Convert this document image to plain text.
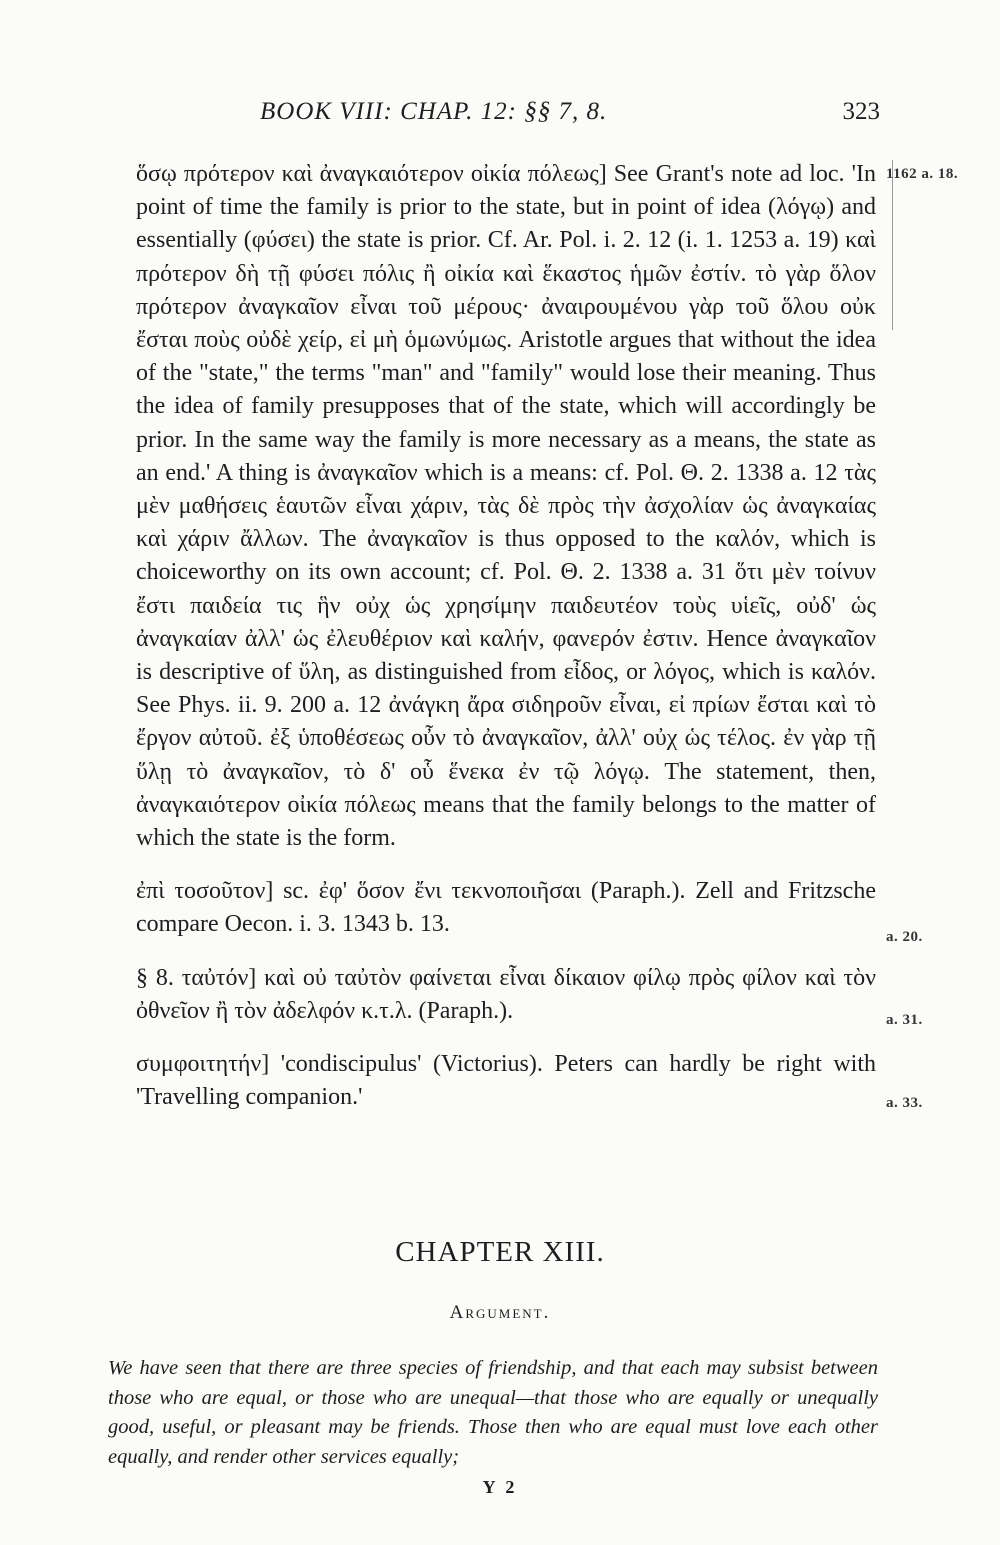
BOOK VIII: CHAP. 12: §§ 7, 8.	323

ὅσῳ πρότερον καὶ ἀναγκαιότερον οἰκία πόλεως] See Grant's note ad loc. 'In point of time the family is prior to the state, but in point of idea (λόγῳ) and essentially (φύσει) the state is prior. Cf. Ar. Pol. i. 2. 12 (i. 1. 1253 a. 19) καὶ πρότερον δὴ τῇ φύσει πόλις ἢ οἰκία καὶ ἕκαστος ἡμῶν ἐστίν. τὸ γὰρ ὅλον πρότερον ἀναγκαῖον εἶναι τοῦ μέρους· ἀναιρουμένου γὰρ τοῦ ὅλου οὐκ ἔσται ποὺς οὐδὲ χείρ, εἰ μὴ ὁμωνύμως. Aristotle argues that without the idea of the "state," the terms "man" and "family" would lose their meaning. Thus the idea of family presupposes that of the state, which will accordingly be prior. In the same way the family is more necessary as a means, the state as an end.' A thing is ἀναγκαῖον which is a means: cf. Pol. Θ. 2. 1338 a. 12 τὰς μὲν μαθήσεις ἑαυτῶν εἶναι χάριν, τὰς δὲ πρὸς τὴν ἀσχολίαν ὡς ἀναγκαίας καὶ χάριν ἄλλων. The ἀναγκαῖον is thus opposed to the καλόν, which is choiceworthy on its own account; cf. Pol. Θ. 2. 1338 a. 31 ὅτι μὲν τοίνυν ἔστι παιδεία τις ἣν οὐχ ὡς χρησίμην παιδευτέον τοὺς υἱεῖς, οὐδ' ὡς ἀναγκαίαν ἀλλ' ὡς ἐλευθέριον καὶ καλήν, φανερόν ἐστιν. Hence ἀναγκαῖον is descriptive of ὕλη, as distinguished from εἶδος, or λόγος, which is καλόν. See Phys. ii. 9. 200 a. 12 ἀνάγκη ἄρα σιδηροῦν εἶναι, εἰ πρίων ἔσται καὶ τὸ ἔργον αὐτοῦ. ἐξ ὑποθέσεως οὖν τὸ ἀναγκαῖον, ἀλλ' οὐχ ὡς τέλος. ἐν γὰρ τῇ ὕλῃ τὸ ἀναγκαῖον, τὸ δ' οὗ ἕνεκα ἐν τῷ λόγῳ. The statement, then, ἀναγκαιότερον οἰκία πόλεως means that the family belongs to the matter of which the state is the form.

ἐπὶ τοσοῦτον] sc. ἐφ' ὅσον ἔνι τεκνοποιῆσαι (Paraph.). Zell and Fritzsche compare Oecon. i. 3. 1343 b. 13.

§ 8. ταὐτόν] καὶ οὐ ταὐτὸν φαίνεται εἶναι δίκαιον φίλῳ πρὸς φίλον καὶ τὸν ὀθνεῖον ἢ τὸν ἀδελφόν κ.τ.λ. (Paraph.).

συμφοιτητήν] 'condiscipulus' (Victorius). Peters can hardly be right with 'Travelling companion.'

1162 a. 18.
a. 20.
a. 31.
a. 33.
CHAPTER XIII.
Argument.

We have seen that there are three species of friendship, and that each may subsist between those who are equal, or those who are unequal—that those who are equally or unequally good, useful, or pleasant may be friends. Those then who are equal must love each other equally, and render other services equally;

Y 2
